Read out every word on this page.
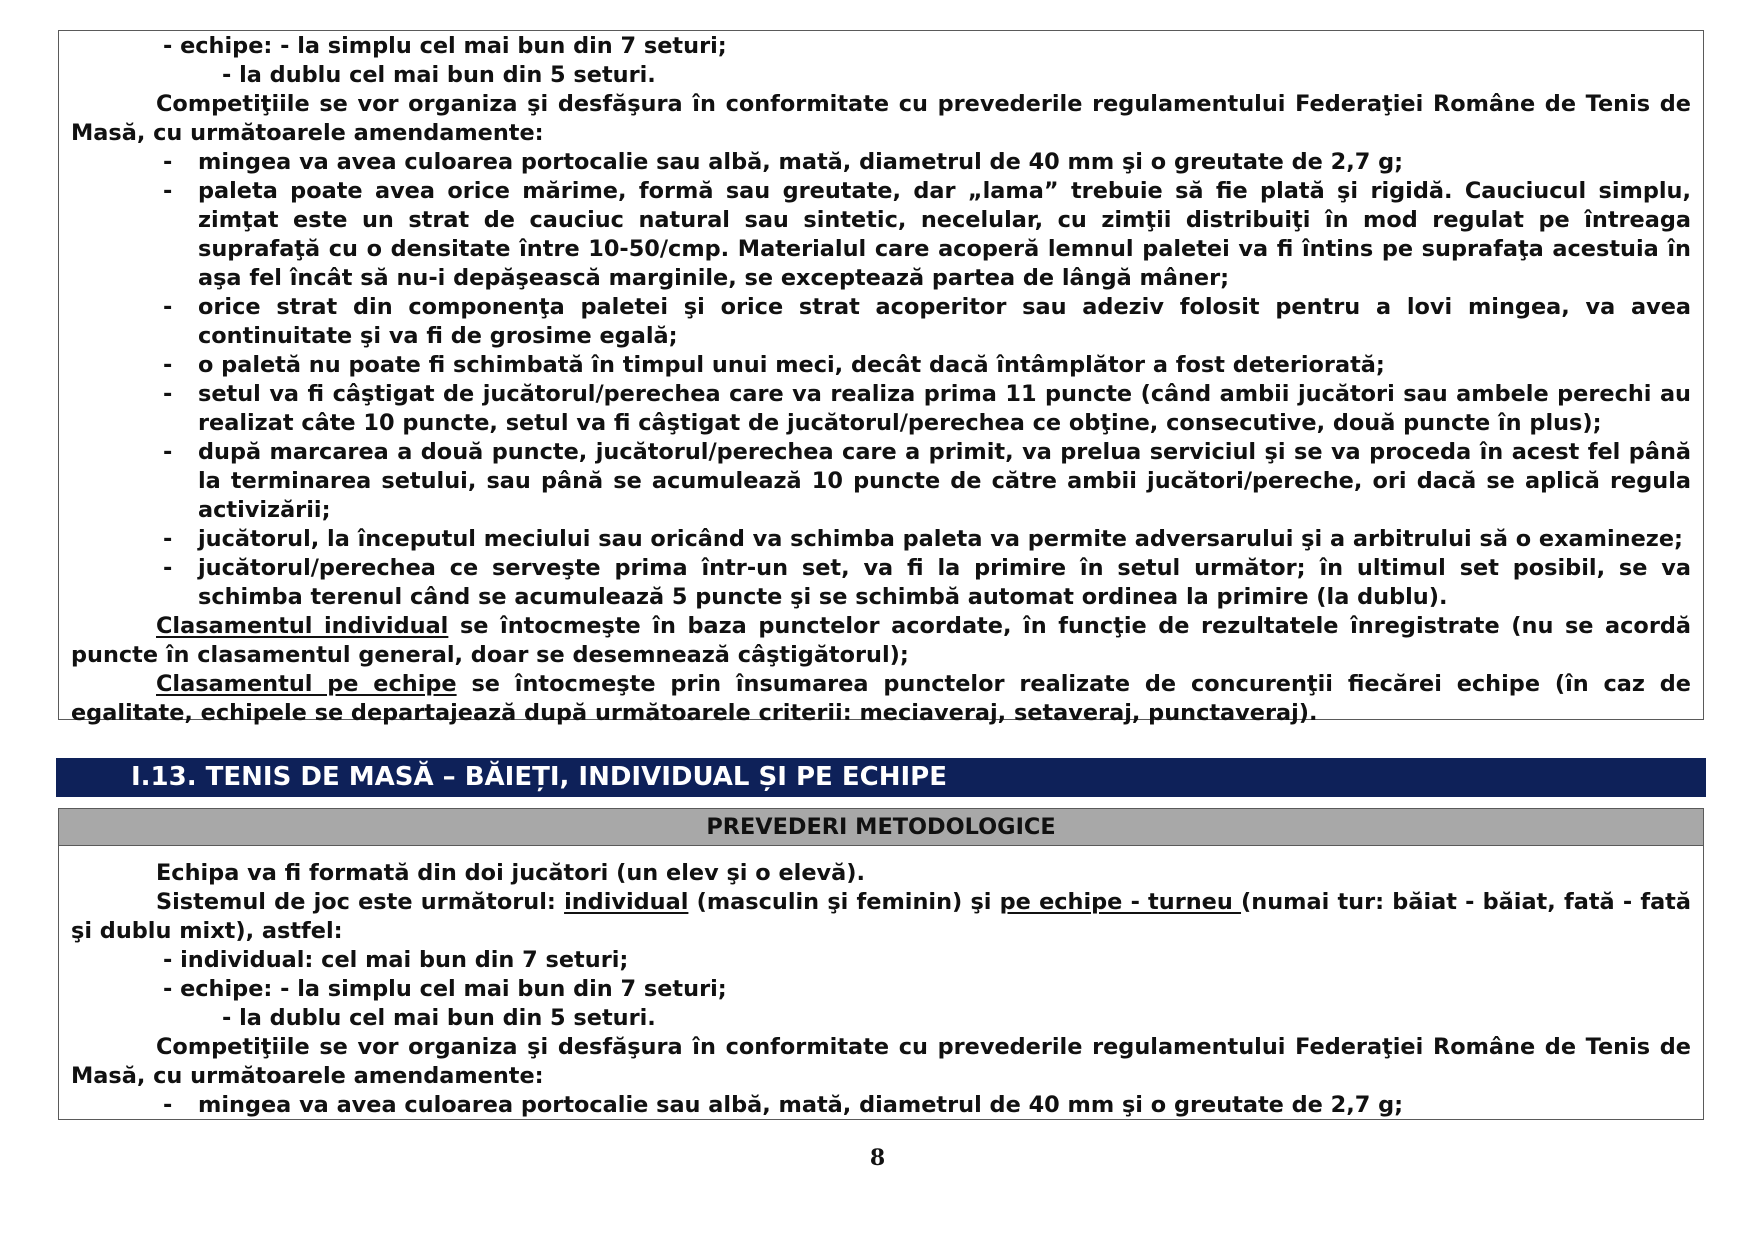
- echipe: - la simplu cel mai bun din 7 seturi;

- la dublu cel mai bun din 5 seturi.

Competiţiile se vor organiza şi desfăşura în conformitate cu prevederile regulamentului Federaţiei Române de Tenis de Masă, cu următoarele amendamente:

- mingea va avea culoarea portocalie sau albă, mată, diametrul de 40 mm şi o greutate de 2,7 g;
- paleta poate avea orice mărime, formă sau greutate, dar „lama” trebuie să fie plată şi rigidă. Cauciucul simplu, zimţat este un strat de cauciuc natural sau sintetic, necelular, cu zimţii distribuiţi în mod regulat pe întreaga suprafaţă cu o densitate între 10-50/cmp. Materialul care acoperă lemnul paletei va fi întins pe suprafaţa acestuia în aşa fel încât să nu-i depăşească marginile, se exceptează partea de lângă mâner;
- orice strat din componenţa paletei şi orice strat acoperitor sau adeziv folosit pentru a lovi mingea, va avea continuitate şi va fi de grosime egală;
- o paletă nu poate fi schimbată în timpul unui meci, decât dacă întâmplător a fost deteriorată;
- setul va fi câştigat de jucătorul/perechea care va realiza prima 11 puncte (când ambii jucători sau ambele perechi au realizat câte 10 puncte, setul va fi câştigat de jucătorul/perechea ce obţine, consecutive, două puncte în plus);
- după marcarea a două puncte, jucătorul/perechea care a primit, va prelua serviciul şi se va proceda în acest fel până la terminarea setului, sau până se acumulează 10 puncte de către ambii jucători/pereche, ori dacă se aplică regula activizării;
- jucătorul, la începutul meciului sau oricând va schimba paleta va permite adversarului şi a arbitrului să o examineze;
- jucătorul/perechea ce serveşte prima într-un set, va fi la primire în setul următor; în ultimul set posibil, se va schimba terenul când se acumulează 5 puncte şi se schimbă automat ordinea la primire (la dublu).

Clasamentul individual se întocmeşte în baza punctelor acordate, în funcţie de rezultatele înregistrate (nu se acordă puncte în clasamentul general, doar se desemnează câştigătorul);

Clasamentul pe echipe se întocmeşte prin însumarea punctelor realizate de concurenţii fiecărei echipe (în caz de egalitate, echipele se departajează după următoarele criterii: meciaveraj, setaveraj, punctaveraj).

I.13. TENIS DE MASĂ – BĂIEȚI, INDIVIDUAL ȘI PE ECHIPE
PREVEDERI METODOLOGICE

Echipa va fi formată din doi jucători (un elev şi o elevă).

Sistemul de joc este următorul: individual (masculin şi feminin) şi pe echipe - turneu (numai tur: băiat - băiat, fată - fată şi dublu mixt), astfel:

- individual: cel mai bun din 7 seturi;

- echipe: - la simplu cel mai bun din 7 seturi;

- la dublu cel mai bun din 5 seturi.

Competiţiile se vor organiza şi desfăşura în conformitate cu prevederile regulamentului Federaţiei Române de Tenis de Masă, cu următoarele amendamente:

- mingea va avea culoarea portocalie sau albă, mată, diametrul de 40 mm şi o greutate de 2,7 g;
8
